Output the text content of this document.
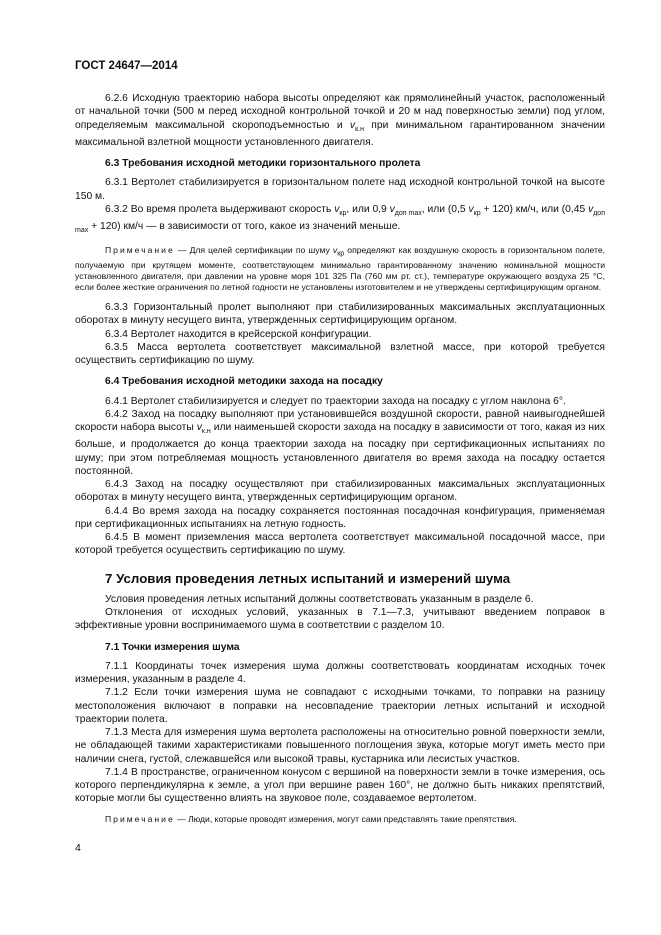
ГОСТ 24647—2014

6.2.6 Исходную траекторию набора высоты определяют как прямолинейный участок, расположенный от начальной точки (500 м перед исходной контрольной точкой и 20 м над поверхностью земли) под углом, определяемым максимальной скороподъемностью и $v_{к.н}$ при минимальном гарантированном значении максимальной взлетной мощности установленного двигателя.

6.3 Требования исходной методики горизонтального пролета

6.3.1 Вертолет стабилизируется в горизонтальном полете над исходной контрольной точкой на высоте 150 м.

6.3.2 Во время пролета выдерживают скорость $v_{кр}$, или 0,9 $v_{доп max}$, или (0,5 $v_{кр} + 120$) км/ч, или (0,45 $v_{доп max} + 120$) км/ч — в зависимости от того, какое из значений меньше.

Примечание — Для целей сертификации по шуму $v_{кр}$ определяют как воздушную скорость в горизонтальном полете, получаемую при крутящем моменте, соответствующем минимально гарантированному значению номинальной мощности установленного двигателя, при давлении на уровне моря 101 325 Па (760 мм рт. ст.), температуре окружающего воздуха 25 °С, если более жесткие ограничения по летной годности не установлены изготовителем и не утверждены сертифицирующим органом.

6.3.3 Горизонтальный пролет выполняют при стабилизированных максимальных эксплуатационных оборотах в минуту несущего винта, утвержденных сертифицирующим органом.

6.3.4 Вертолет находится в крейсерской конфигурации.

6.3.5 Масса вертолета соответствует максимальной взлетной массе, при которой требуется осуществить сертификацию по шуму.

6.4 Требования исходной методики захода на посадку

6.4.1 Вертолет стабилизируется и следует по траектории захода на посадку с углом наклона 6°.

6.4.2 Заход на посадку выполняют при установившейся воздушной скорости, равной наивыгоднейшей скорости набора высоты $v_{к.н}$ или наименьшей скорости захода на посадку в зависимости от того, какая из них больше, и продолжается до конца траектории захода на посадку при сертификационных испытаниях по шуму; при этом потребляемая мощность установленного двигателя во время захода на посадку остается постоянной.

6.4.3 Заход на посадку осуществляют при стабилизированных максимальных эксплуатационных оборотах в минуту несущего винта, утвержденных сертифицирующим органом.

6.4.4 Во время захода на посадку сохраняется постоянная посадочная конфигурация, применяемая при сертификационных испытаниях на летную годность.

6.4.5 В момент приземления масса вертолета соответствует максимальной посадочной массе, при которой требуется осуществить сертификацию по шуму.

7 Условия проведения летных испытаний и измерений шума

Условия проведения летных испытаний должны соответствовать указанным в разделе 6.

Отклонения от исходных условий, указанных в 7.1—7.3, учитывают введением поправок в эффективные уровни воспринимаемого шума в соответствии с разделом 10.

7.1 Точки измерения шума

7.1.1 Координаты точек измерения шума должны соответствовать координатам исходных точек измерения, указанным в разделе 4.

7.1.2 Если точки измерения шума не совпадают с исходными точками, то поправки на разницу местоположения включают в поправки на несовпадение траектории летных испытаний и исходной траектории полета.

7.1.3 Места для измерения шума вертолета расположены на относительно ровной поверхности земли, не обладающей такими характеристиками повышенного поглощения звука, которые могут иметь место при наличии снега, густой, слежавшейся или высокой травы, кустарника или лесистых участков.

7.1.4 В пространстве, ограниченном конусом с вершиной на поверхности земли в точке измерения, ось которого перпендикулярна к земле, а угол при вершине равен 160°, не должно быть никаких препятствий, которые могли бы существенно влиять на звуковое поле, создаваемое вертолетом.

Примечание — Люди, которые проводят измерения, могут сами представлять такие препятствия.

4
